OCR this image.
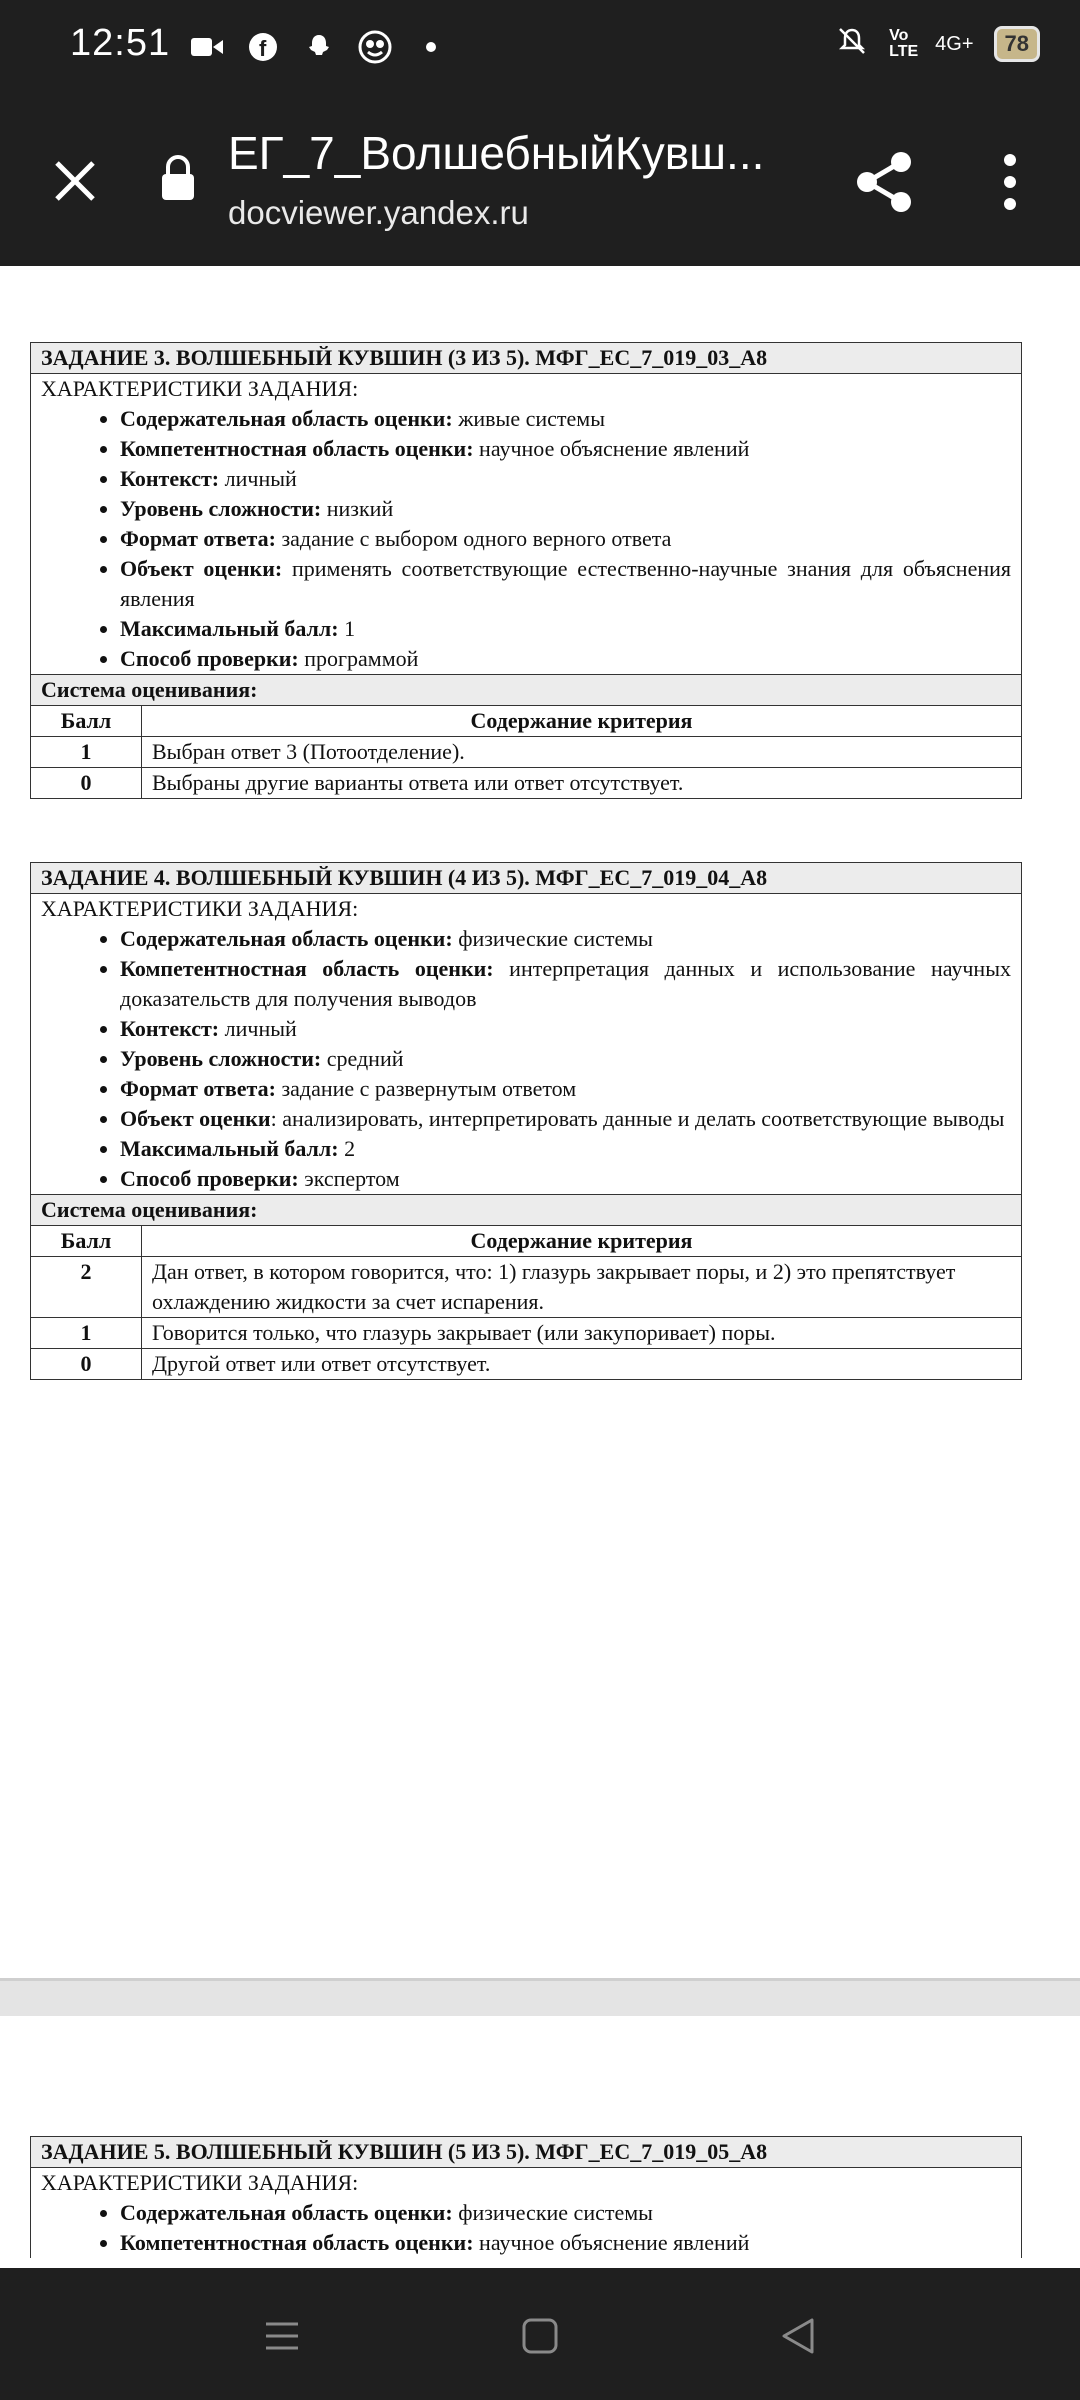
12:51	f
Vo LTE 4G+	78
ЕГ_7_ВолшебныйКувш...
docviewer.yandex.ru
ЗАДАНИЕ 3. ВОЛШЕБНЫЙ КУВШИН (3 ИЗ 5). МФГ_ЕС_7_019_03_А8
ХАРАКТЕРИСТИКИ ЗАДАНИЯ:
• Содержательная область оценки: живые системы
• Компетентностная область оценки: научное объяснение явлений
• Контекст: личный
• Уровень сложности: низкий
• Формат ответа: задание с выбором одного верного ответа
• Объект оценки: применять соответствующие естественно-научные знания для объяснения явления
• Максимальный балл: 1
• Способ проверки: программой
Система оценивания:
Балл	Содержание критерия
1	Выбран ответ 3 (Потоотделение).
0	Выбраны другие варианты ответа или ответ отсутствует.
ЗАДАНИЕ 4. ВОЛШЕБНЫЙ КУВШИН (4 ИЗ 5). МФГ_ЕС_7_019_04_А8
ХАРАКТЕРИСТИКИ ЗАДАНИЯ:
• Содержательная область оценки: физические системы
• Компетентностная область оценки: интерпретация данных и использование научных доказательств для получения выводов
• Контекст: личный
• Уровень сложности: средний
• Формат ответа: задание с развернутым ответом
• Объект оценки: анализировать, интерпретировать данные и делать соответствующие выводы
• Максимальный балл: 2
• Способ проверки: экспертом
Система оценивания:
Балл	Содержание критерия
2	Дан ответ, в котором говорится, что: 1) глазурь закрывает поры, и 2) это препятствует охлаждению жидкости за счет испарения.
1	Говорится только, что глазурь закрывает (или закупоривает) поры.
0	Другой ответ или ответ отсутствует.
ЗАДАНИЕ 5. ВОЛШЕБНЫЙ КУВШИН (5 ИЗ 5). МФГ_ЕС_7_019_05_А8
ХАРАКТЕРИСТИКИ ЗАДАНИЯ:
• Содержательная область оценки: физические системы
• Компетентностная область оценки: научное объяснение явлений
